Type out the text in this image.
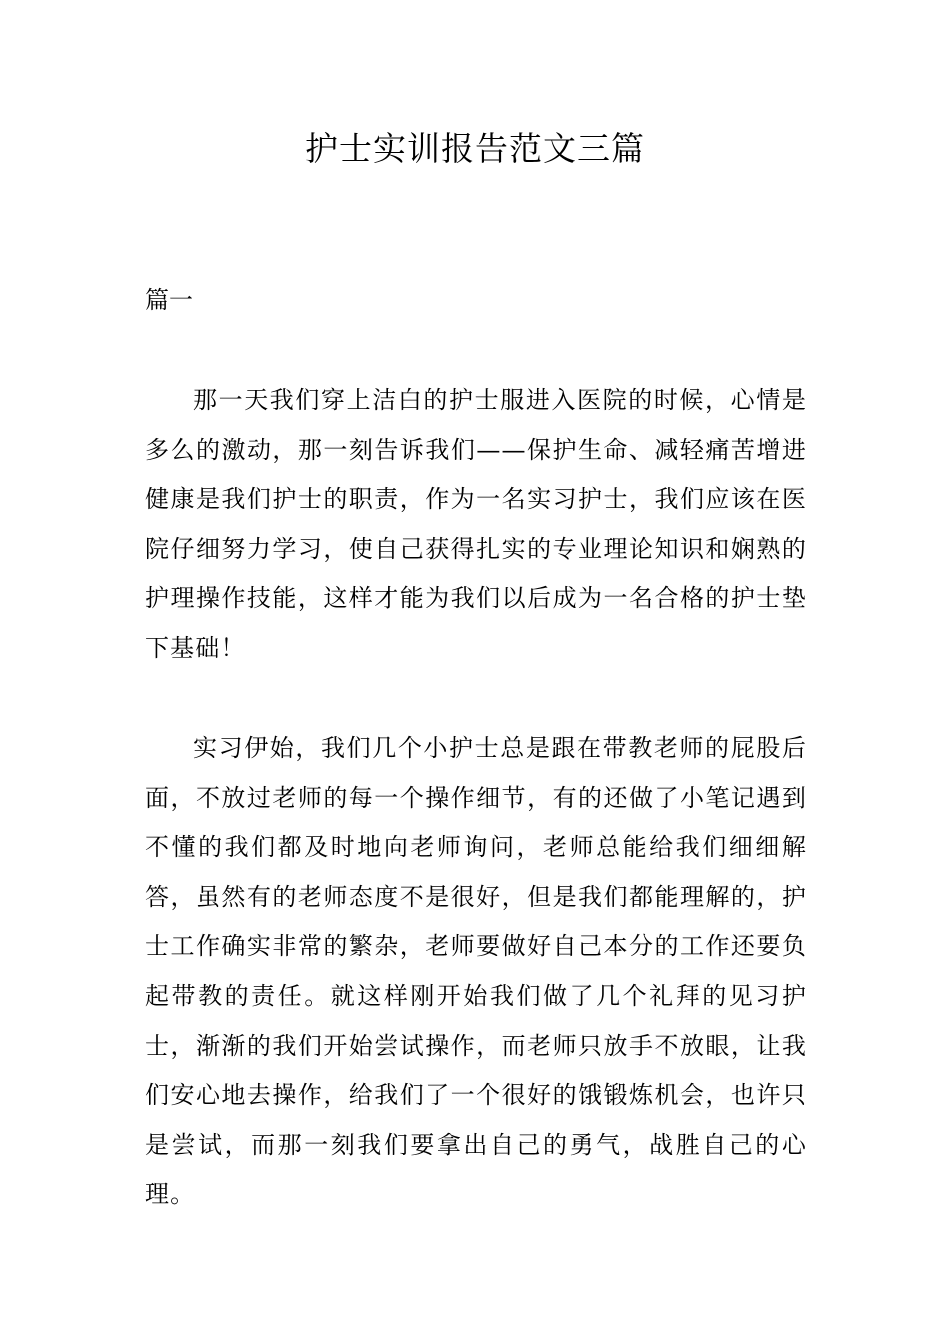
护士实训报告范文三篇

篇一

那一天我们穿上洁白的护士服进入医院的时候，心情是多么的激动，那一刻告诉我们——保护生命、减轻痛苦增进健康是我们护士的职责，作为一名实习护士，我们应该在医院仔细努力学习，使自己获得扎实的专业理论知识和娴熟的护理操作技能，这样才能为我们以后成为一名合格的护士垫下基础！

实习伊始，我们几个小护士总是跟在带教老师的屁股后面，不放过老师的每一个操作细节，有的还做了小笔记遇到不懂的我们都及时地向老师询问，老师总能给我们细细解答，虽然有的老师态度不是很好，但是我们都能理解的，护士工作确实非常的繁杂，老师要做好自己本分的工作还要负起带教的责任。就这样刚开始我们做了几个礼拜的见习护士，渐渐的我们开始尝试操作，而老师只放手不放眼，让我们安心地去操作，给我们了一个很好的饿锻炼机会，也许只是尝试，而那一刻我们要拿出自己的勇气，战胜自己的心理。
